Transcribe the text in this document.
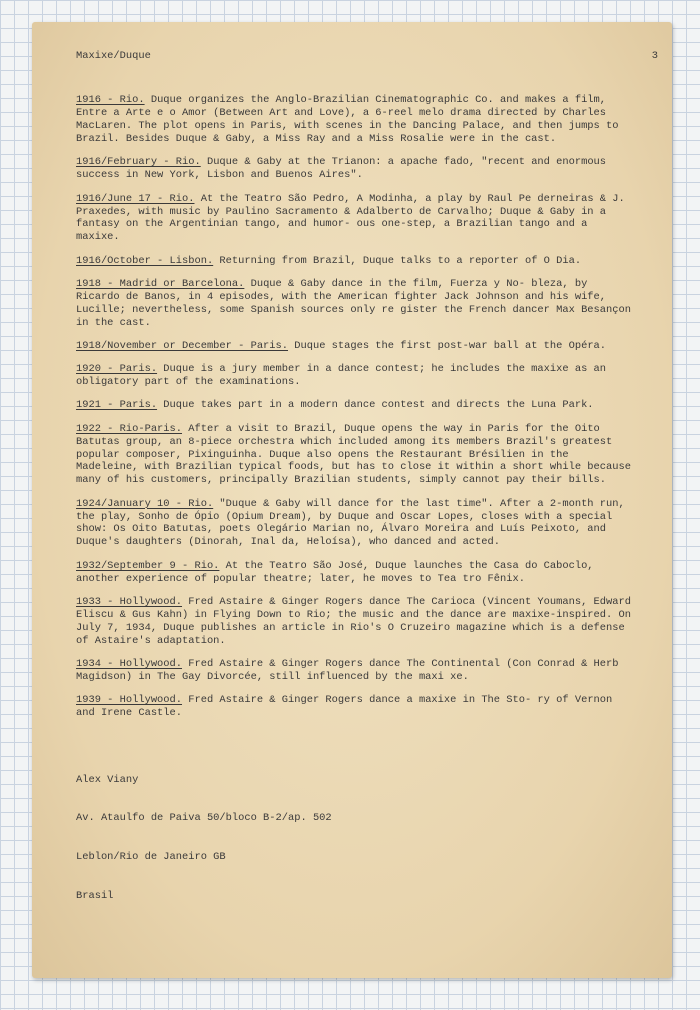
Maxixe/Duque	3

1916 - Rio. Duque organizes the Anglo-Brazilian Cinematographic Co. and makes a film, Entre a Arte e o Amor (Between Art and Love), a 6-reel melo drama directed by Charles MacLaren. The plot opens in Paris, with scenes in the Dancing Palace, and then jumps to Brazil. Besides Duque & Gaby, a Miss Ray and a Miss Rosalie were in the cast.

1916/February - Rio. Duque & Gaby at the Trianon: a apache fado, "recent and enormous success in New York, Lisbon and Buenos Aires".

1916/June 17 - Rio. At the Teatro São Pedro, A Modinha, a play by Raul Pe derneiras & J. Praxedes, with music by Paulino Sacramento & Adalberto de Carvalho; Duque & Gaby in a fantasy on the Argentinian tango, and humor- ous one-step, a Brazilian tango and a maxixe.

1916/October - Lisbon. Returning from Brazil, Duque talks to a reporter of O Dia.

1918 - Madrid or Barcelona. Duque & Gaby dance in the film, Fuerza y No- bleza, by Ricardo de Banos, in 4 episodes, with the American fighter Jack Johnson and his wife, Lucille; nevertheless, some Spanish sources only re gister the French dancer Max Besançon in the cast.

1918/November or December - Paris. Duque stages the first post-war ball at the Opéra.

1920 - Paris. Duque is a jury member in a dance contest; he includes the maxixe as an obligatory part of the examinations.

1921 - Paris. Duque takes part in a modern dance contest and directs the Luna Park.

1922 - Rio-Paris. After a visit to Brazil, Duque opens the way in Paris for the Oito Batutas group, an 8-piece orchestra which included among its members Brazil's greatest popular composer, Pixinguinha. Duque also opens the Restaurant Brésilien in the Madeleine, with Brazilian typical foods, but has to close it within a short while because many of his customers, principally Brazilian students, simply cannot pay their bills.

1924/January 10 - Rio. "Duque & Gaby will dance for the last time". After a 2-month run, the play, Sonho de Ópio (Opium Dream), by Duque and Oscar Lopes, closes with a special show: Os Oito Batutas, poets Olegário Marian no, Álvaro Moreira and Luís Peixoto, and Duque's daughters (Dinorah, Inal da, Heloísa), who danced and acted.

1932/September 9 - Rio. At the Teatro São José, Duque launches the Casa do Caboclo, another experience of popular theatre; later, he moves to Tea tro Fênix.

1933 - Hollywood. Fred Astaire & Ginger Rogers dance The Carioca (Vincent Youmans, Edward Eliscu & Gus Kahn) in Flying Down to Rio; the music and the dance are maxixe-inspired. On July 7, 1934, Duque publishes an article in Rio's O Cruzeiro magazine which is a defense of Astaire's adaptation.

1934 - Hollywood. Fred Astaire & Ginger Rogers dance The Continental (Con Conrad & Herb Magidson) in The Gay Divorcée, still influenced by the maxi xe.

1939 - Hollywood. Fred Astaire & Ginger Rogers dance a maxixe in The Sto- ry of Vernon and Irene Castle.

Alex Viany

Av. Ataulfo de Paiva 50/bloco B-2/ap. 502

Leblon/Rio de Janeiro GB

Brasil
